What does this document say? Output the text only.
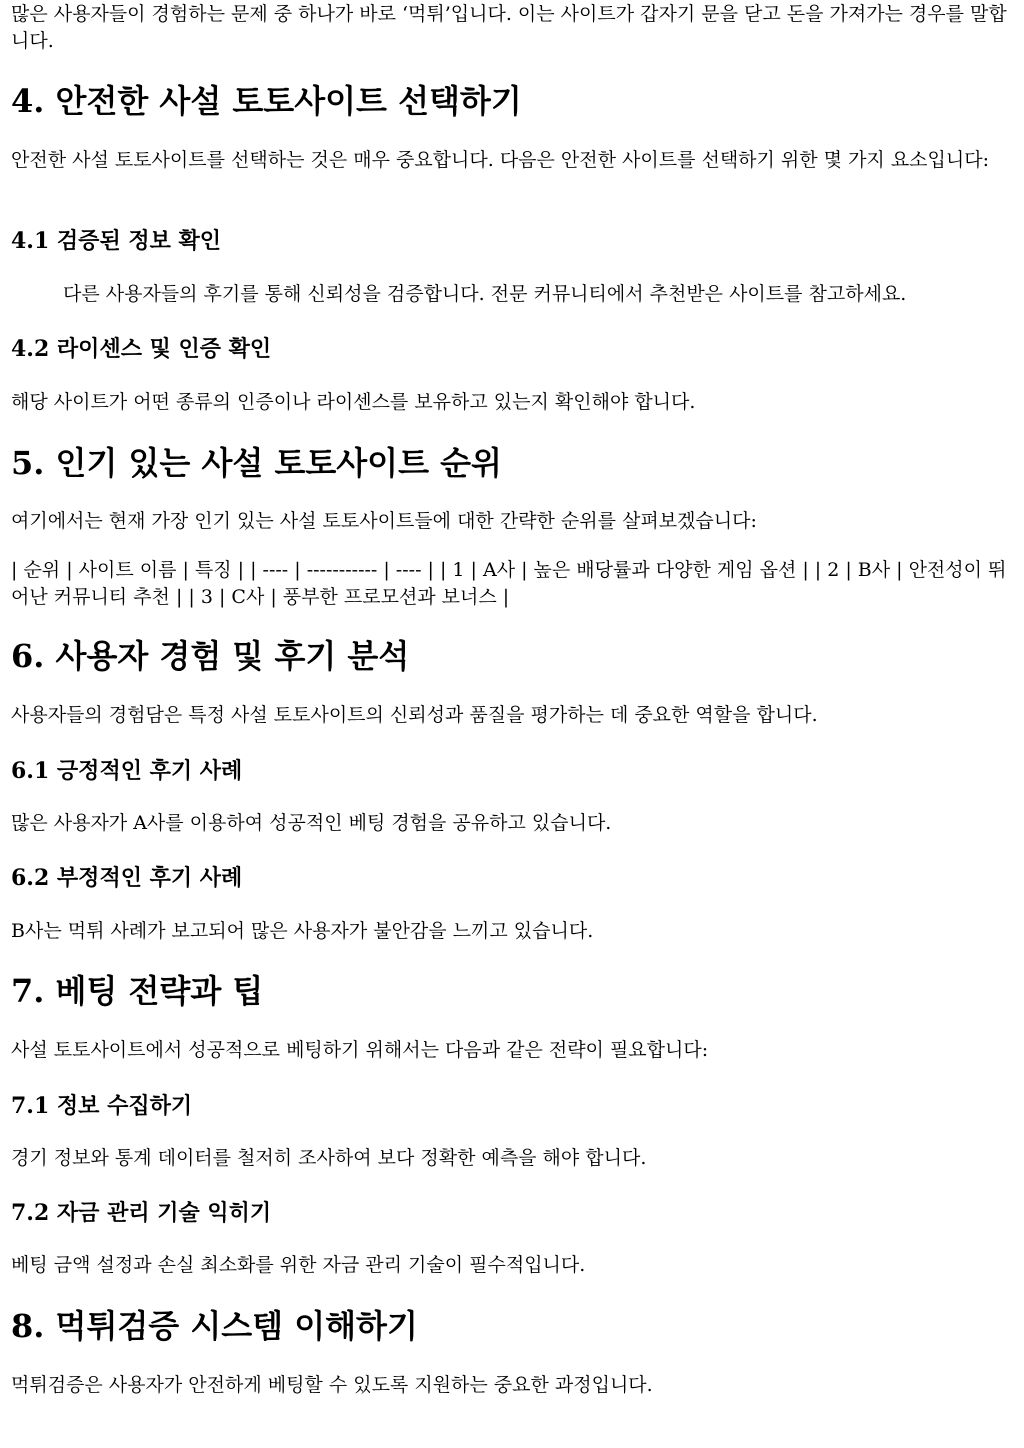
많은 사용자들이 경험하는 문제 중 하나가 바로 ‘먹튀’입니다. 이는 사이트가 갑자기 문을 닫고 돈을 가져가는 경우를 말합니다.

4. 안전한 사설 토토사이트 선택하기

안전한 사설 토토사이트를 선택하는 것은 매우 중요합니다. 다음은 안전한 사이트를 선택하기 위한 몇 가지 요소입니다:

4.1 검증된 정보 확인

다른 사용자들의 후기를 통해 신뢰성을 검증합니다. 전문 커뮤니티에서 추천받은 사이트를 참고하세요.

4.2 라이센스 및 인증 확인

해당 사이트가 어떤 종류의 인증이나 라이센스를 보유하고 있는지 확인해야 합니다.

5. 인기 있는 사설 토토사이트 순위

여기에서는 현재 가장 인기 있는 사설 토토사이트들에 대한 간략한 순위를 살펴보겠습니다:

| 순위 | 사이트 이름 | 특징 | | ---- | ----------- | ---- | | 1 | A사 | 높은 배당률과 다양한 게임 옵션 | | 2 | B사 | 안전성이 뛰어난 커뮤니티 추천 | | 3 | C사 | 풍부한 프로모션과 보너스 |

6. 사용자 경험 및 후기 분석

사용자들의 경험담은 특정 사설 토토사이트의 신뢰성과 품질을 평가하는 데 중요한 역할을 합니다.

6.1 긍정적인 후기 사례

많은 사용자가 A사를 이용하여 성공적인 베팅 경험을 공유하고 있습니다.

6.2 부정적인 후기 사례

B사는 먹튀 사례가 보고되어 많은 사용자가 불안감을 느끼고 있습니다.

7. 베팅 전략과 팁

사설 토토사이트에서 성공적으로 베팅하기 위해서는 다음과 같은 전략이 필요합니다:

7.1 정보 수집하기

경기 정보와 통계 데이터를 철저히 조사하여 보다 정확한 예측을 해야 합니다.

7.2 자금 관리 기술 익히기

베팅 금액 설정과 손실 최소화를 위한 자금 관리 기술이 필수적입니다.

8. 먹튀검증 시스템 이해하기

먹튀검증은 사용자가 안전하게 베팅할 수 있도록 지원하는 중요한 과정입니다.
